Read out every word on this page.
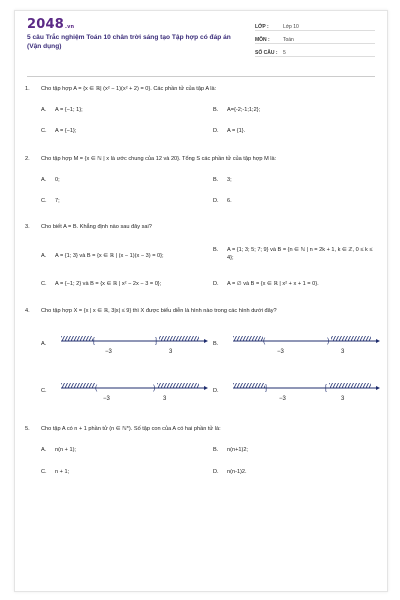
2048.vn
5 câu Trắc nghiệm Toán 10 chân trời sáng tạo Tập hợp có đáp án (Vận dụng)
LỚP :	Lớp 10
MÔN :	Toán
SỐ CÂU :	5
1. Cho tập hợp A = {x ∈ ℝ| (x² − 1)(x² + 2) = 0}. Các phần tử của tập A là:
A. A = {−1; 1};	B. A={-2;-1;1;2};
C. A = {−1};	D. A = {1}.
2. Cho tập hợp M = {x ∈ ℕ | x là ước chung của 12 và 20}. Tổng S các phần tử của tập hợp M là:
A. 0;	B. 3;
C. 7;	D. 6.
3. Cho biết A = B. Khẳng định nào sau đây sai?
A. A = {1; 3} và B = {x ∈ ℝ | (x − 1)(x − 3) = 0};
B.	A = {1; 3; 5; 7; 9} và B = {n ∈ ℕ | n = 2k + 1, k ∈ ℤ, 0 ≤ k ≤ 4};
C. A = {−1; 2} và B = {x ∈ ℝ | x² − 2x − 3 = 0};	D. A = ∅ và B = {x ∈ ℝ | x² + x + 1 = 0}.
4. Cho tập hợp X = {x | x ∈ ℝ, 3|x| ≤ 9} thì X được biểu diễn là hình nào trong các hình dưới đây?
A.	[	]
−3	3
B.	(	)
−3	3
C.	(	)
−3	3
D.	]	[
−3	3
5. Cho tập A có n + 1 phần tử (n ∈ ℕ*). Số tập con của A có hai phần tử là:
A. n(n + 1);	B. n(n+1)2;
C. n + 1;	D. n(n-1)2.
